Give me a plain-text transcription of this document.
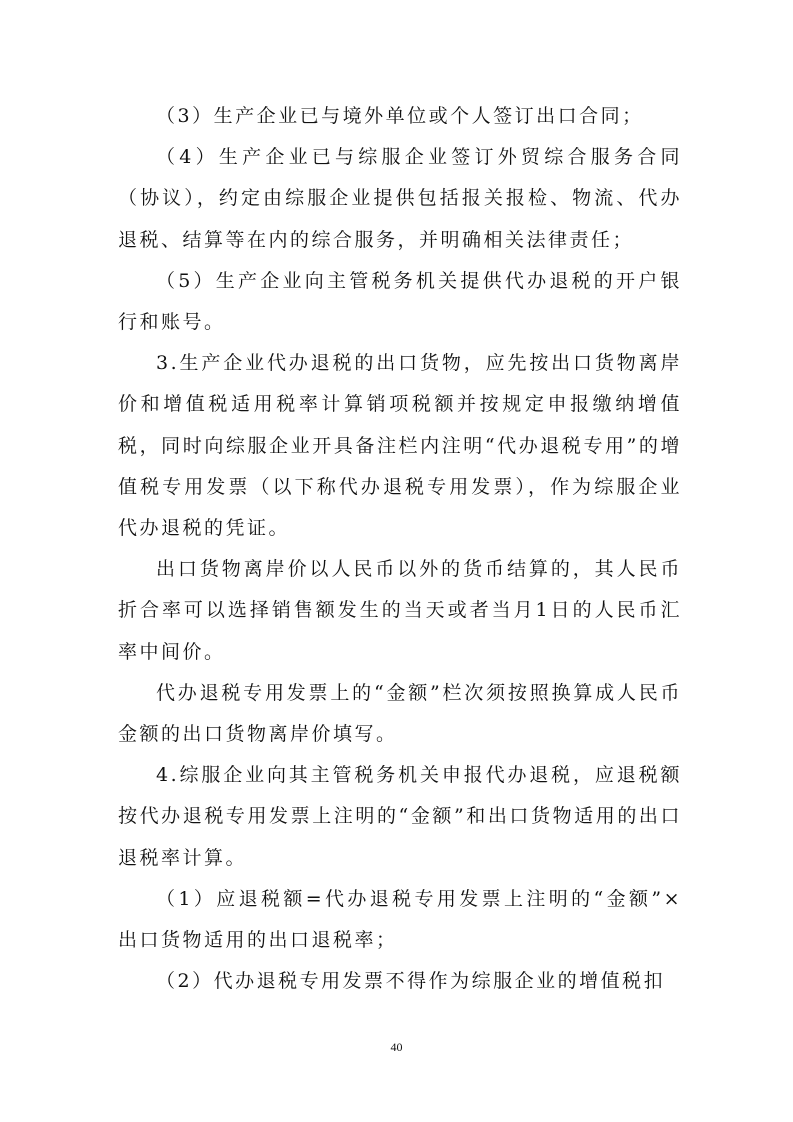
（3）生产企业已与境外单位或个人签订出口合同；

（4）生产企业已与综服企业签订外贸综合服务合同（协议），约定由综服企业提供包括报关报检、物流、代办退税、结算等在内的综合服务，并明确相关法律责任；

（5）生产企业向主管税务机关提供代办退税的开户银行和账号。

3.生产企业代办退税的出口货物，应先按出口货物离岸价和增值税适用税率计算销项税额并按规定申报缴纳增值税，同时向综服企业开具备注栏内注明“代办退税专用”的增值税专用发票（以下称代办退税专用发票），作为综服企业代办退税的凭证。

出口货物离岸价以人民币以外的货币结算的，其人民币折合率可以选择销售额发生的当天或者当月1日的人民币汇率中间价。

代办退税专用发票上的“金额”栏次须按照换算成人民币金额的出口货物离岸价填写。

4.综服企业向其主管税务机关申报代办退税，应退税额按代办退税专用发票上注明的“金额”和出口货物适用的出口退税率计算。

（1）应退税额=代办退税专用发票上注明的“金额”×出口货物适用的出口退税率；

（2）代办退税专用发票不得作为综服企业的增值税扣

40
